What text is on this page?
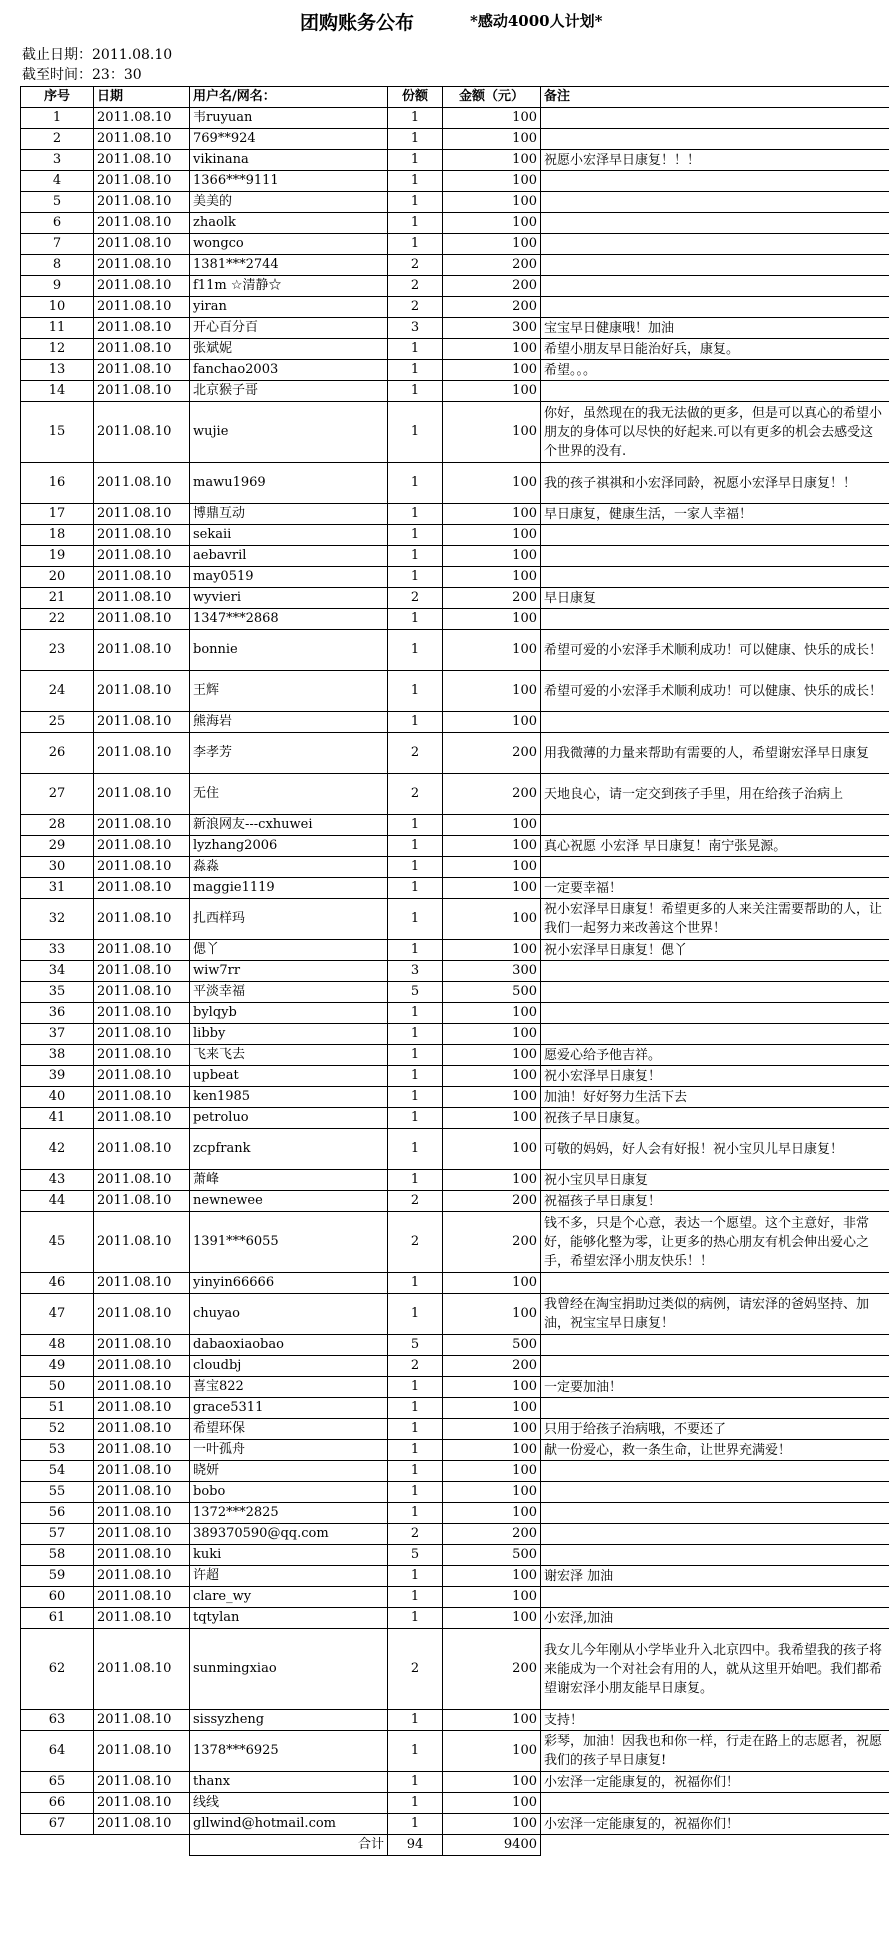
团购账务公布	*感动4000人计划*
截止日期：2011.08.10
截至时间：23：30
序号	日期	用户名/网名：	份额	金额（元）	备注
1	2011.08.10	韦ruyuan	1	100	
2	2011.08.10	769**924	1	100	
3	2011.08.10	vikinana	1	100	祝愿小宏泽早日康复！！！
4	2011.08.10	1366***9111	1	100	
5	2011.08.10	美美的	1	100	
6	2011.08.10	zhaolk	1	100	
7	2011.08.10	wongco	1	100	
8	2011.08.10	1381***2744	2	200	
9	2011.08.10	f11m ☆清静☆	2	200	
10	2011.08.10	yiran	2	200	
11	2011.08.10	开心百分百	3	300	宝宝早日健康哦！加油
12	2011.08.10	张斌妮	1	100	希望小朋友早日能治好兵，康复。
13	2011.08.10	fanchao2003	1	100	希望。。。
14	2011.08.10	北京猴子哥	1	100	
15	2011.08.10	wujie	1	100	你好，虽然现在的我无法做的更多，但是可以真心的希望小朋友的身体可以尽快的好起来.可以有更多的机会去感受这个世界的没有.
16	2011.08.10	mawu1969	1	100	我的孩子祺祺和小宏泽同龄，祝愿小宏泽早日康复！！
17	2011.08.10	博鼎互动	1	100	早日康复，健康生活，一家人幸福！
18	2011.08.10	sekaii	1	100	
19	2011.08.10	aebavril	1	100	
20	2011.08.10	may0519	1	100	
21	2011.08.10	wyvieri	2	200	早日康复
22	2011.08.10	1347***2868	1	100	
23	2011.08.10	bonnie	1	100	希望可爱的小宏泽手术顺利成功！可以健康、快乐的成长！
24	2011.08.10	王辉	1	100	希望可爱的小宏泽手术顺利成功！可以健康、快乐的成长！
25	2011.08.10	熊海岩	1	100	
26	2011.08.10	李孝芳	2	200	用我微薄的力量来帮助有需要的人，希望谢宏泽早日康复
27	2011.08.10	无住	2	200	天地良心，请一定交到孩子手里，用在给孩子治病上
28	2011.08.10	新浪网友---cxhuwei	1	100	
29	2011.08.10	lyzhang2006	1	100	真心祝愿 小宏泽 早日康复！南宁张晃源。
30	2011.08.10	淼淼	1	100	
31	2011.08.10	maggie1119	1	100	一定要幸福！
32	2011.08.10	扎西样玛	1	100	祝小宏泽早日康复！希望更多的人来关注需要帮助的人，让我们一起努力来改善这个世界！
33	2011.08.10	偲丫	1	100	祝小宏泽早日康复！偲丫
34	2011.08.10	wiw7rr	3	300	
35	2011.08.10	平淡幸福	5	500	
36	2011.08.10	bylqyb	1	100	
37	2011.08.10	libby	1	100	
38	2011.08.10	飞来飞去	1	100	愿爱心给予他吉祥。
39	2011.08.10	upbeat	1	100	祝小宏泽早日康复！
40	2011.08.10	ken1985	1	100	加油！好好努力生活下去
41	2011.08.10	petroluo	1	100	祝孩子早日康复。
42	2011.08.10	zcpfrank	1	100	可敬的妈妈，好人会有好报！祝小宝贝儿早日康复！
43	2011.08.10	萧峰	1	100	祝小宝贝早日康复
44	2011.08.10	newnewee	2	200	祝福孩子早日康复！
45	2011.08.10	1391***6055	2	200	钱不多，只是个心意，表达一个愿望。这个主意好，非常好，能够化整为零，让更多的热心朋友有机会伸出爱心之手，希望宏泽小朋友快乐！！
46	2011.08.10	yinyin66666	1	100	
47	2011.08.10	chuyao	1	100	我曾经在淘宝捐助过类似的病例，请宏泽的爸妈坚持、加油，祝宝宝早日康复！
48	2011.08.10	dabaoxiaobao	5	500	
49	2011.08.10	cloudbj	2	200	
50	2011.08.10	喜宝822	1	100	一定要加油！
51	2011.08.10	grace5311	1	100	
52	2011.08.10	希望环保	1	100	只用于给孩子治病哦，不要还了
53	2011.08.10	一叶孤舟	1	100	献一份爱心，救一条生命，让世界充满爱！
54	2011.08.10	晓妍	1	100	
55	2011.08.10	bobo	1	100	
56	2011.08.10	1372***2825	1	100	
57	2011.08.10	389370590@qq.com	2	200	
58	2011.08.10	kuki	5	500	
59	2011.08.10	许超	1	100	谢宏泽 加油
60	2011.08.10	clare_wy	1	100	
61	2011.08.10	tqtylan	1	100	小宏泽,加油
62	2011.08.10	sunmingxiao	2	200	我女儿今年刚从小学毕业升入北京四中。我希望我的孩子将来能成为一个对社会有用的人，就从这里开始吧。我们都希望谢宏泽小朋友能早日康复。
63	2011.08.10	sissyzheng	1	100	支持！
64	2011.08.10	1378***6925	1	100	彩琴，加油！因我也和你一样，行走在路上的志愿者，祝愿我们的孩子早日康复!
65	2011.08.10	thanx	1	100	小宏泽一定能康复的，祝福你们！
66	2011.08.10	线线	1	100	
67	2011.08.10	gllwind@hotmail.com	1	100	小宏泽一定能康复的，祝福你们！
		合计	94	9400	
